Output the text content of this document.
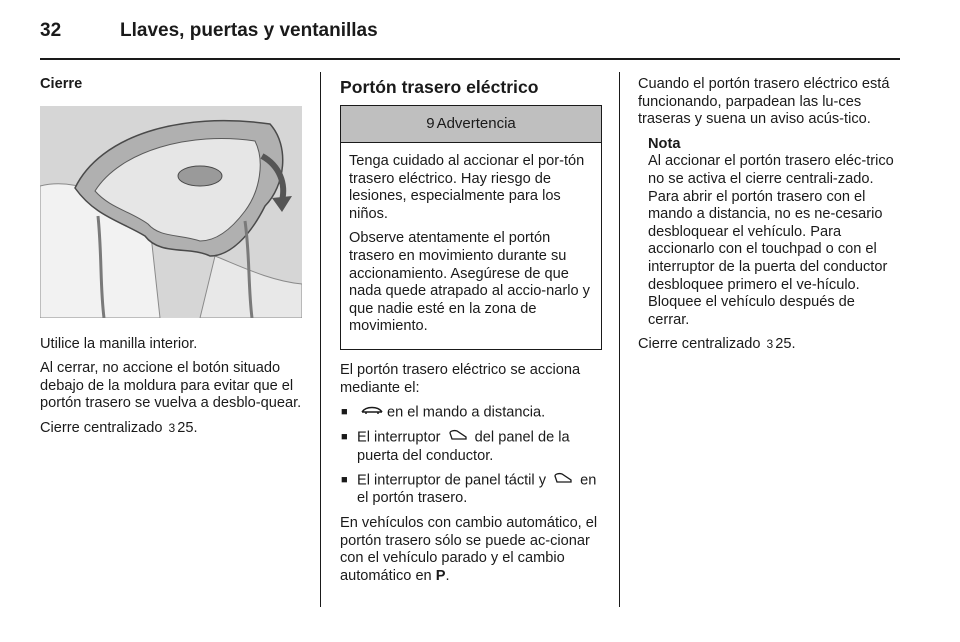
32	Llaves, puertas y ventanillas
Cierre

Utilice la manilla interior.

Al cerrar, no accione el botón situado debajo de la moldura para evitar que el portón trasero se vuelva a desblo-quear.

Cierre centralizado 3 25.

Portón trasero eléctrico
9 Advertencia

Tenga cuidado al accionar el por-tón trasero eléctrico. Hay riesgo de lesiones, especialmente para los niños.

Observe atentamente el portón trasero en movimiento durante su accionamiento. Asegúrese de que nada quede atrapado al accio-narlo y que nadie esté en la zona de movimiento.

El portón trasero eléctrico se acciona mediante el:

■	en el mando a distancia.
■ El interruptor del panel de la puerta del conductor.
■ El interruptor de panel táctil y en el portón trasero.

En vehículos con cambio automático, el portón trasero sólo se puede ac-cionar con el vehículo parado y el cambio automático en P.

Cuando el portón trasero eléctrico está funcionando, parpadean las lu-ces traseras y suena un aviso acús-tico.

Nota
Al accionar el portón trasero eléc-trico no se activa el cierre centrali-zado. Para abrir el portón trasero con el mando a distancia, no es ne-cesario desbloquear el vehículo. Para accionarlo con el touchpad o con el interruptor de la puerta del conductor desbloquee primero el ve-hículo. Bloquee el vehículo después de cerrar.

Cierre centralizado 3 25.
